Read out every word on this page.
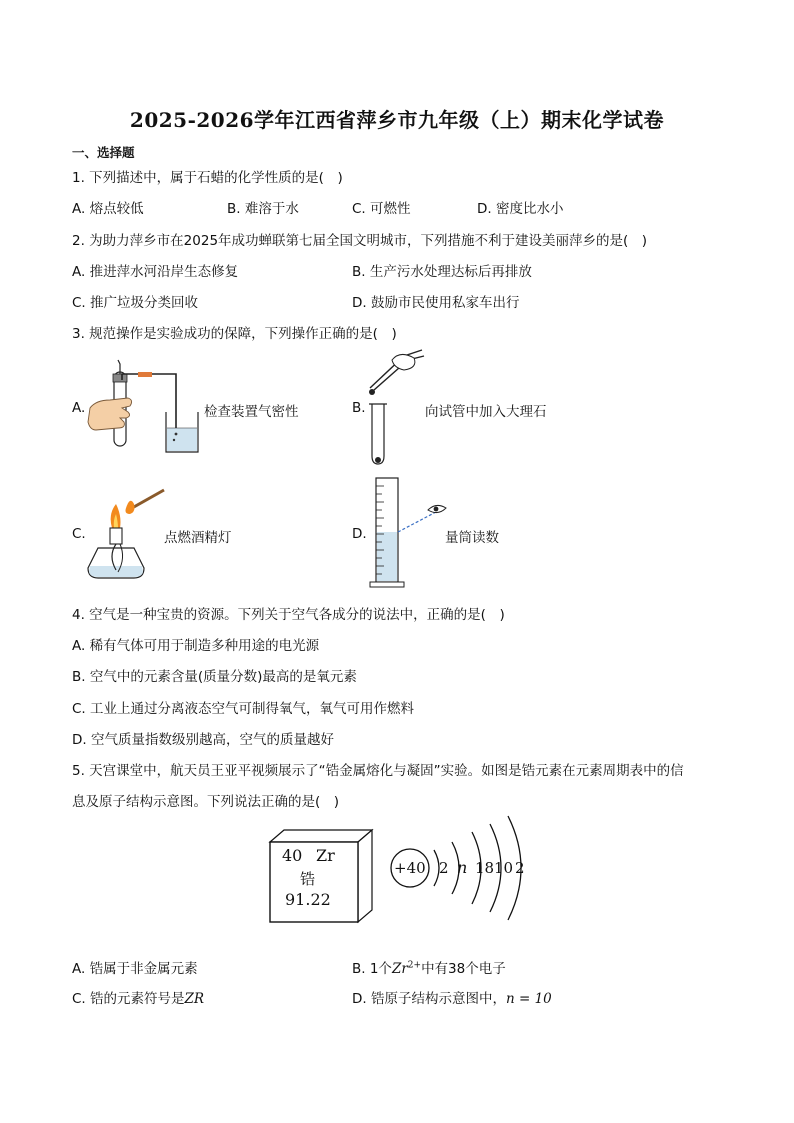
2025-2026学年江西省萍乡市九年级（上）期末化学试卷
一、选择题
1. 下列描述中，属于石蜡的化学性质的是(　)
A. 熔点较低	B. 难溶于水	C. 可燃性	D. 密度比水小
2. 为助力萍乡市在2025年成功蝉联第七届全国文明城市，下列措施不利于建设美丽萍乡的是(　)
A. 推进萍水河沿岸生态修复	B. 生产污水处理达标后再排放
C. 推广垃圾分类回收	D. 鼓励市民使用私家车出行
3. 规范操作是实验成功的保障，下列操作正确的是(　)
A.	检查装置气密性	B.	向试管中加入大理石
C.	点燃酒精灯	D.	量筒读数
4. 空气是一种宝贵的资源。下列关于空气各成分的说法中，正确的是(　)
A. 稀有气体可用于制造多种用途的电光源
B. 空气中的元素含量(质量分数)最高的是氧元素
C. 工业上通过分离液态空气可制得氧气，氧气可用作燃料
D. 空气质量指数级别越高，空气的质量越好
5. 天宫课堂中，航天员王亚平视频展示了“锆金属熔化与凝固”实验。如图是锆元素在元素周期表中的信
息及原子结构示意图。下列说法正确的是(　)
40 Zr
锆
91.22
+40 2 n 18 10 2
A. 锆属于非金属元素	B. 1个$Zr^{2+}$中有38个电子
C. 锆的元素符号是ZR	D. 锆原子结构示意图中，n = 10
